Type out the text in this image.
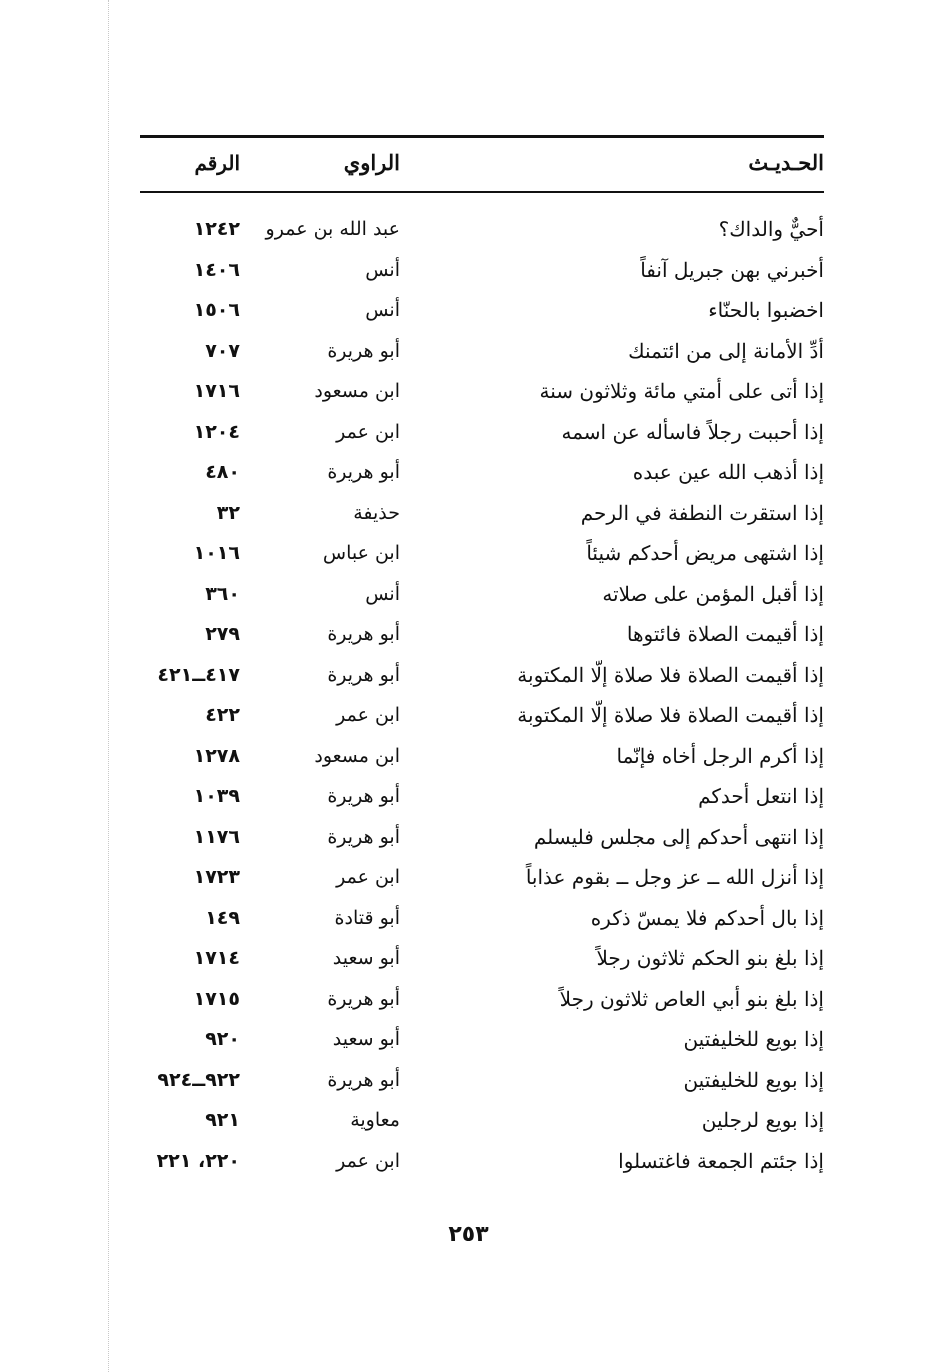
الحـديـث
الراوي
الرقم
أحيٌّ والداك؟
عبد الله بن عمرو
١٢٤٢
أخبرني بهن جبريل آنفاً
أنس
١٤٠٦
اخضبوا بالحنّاء
أنس
١٥٠٦
أدِّ الأمانة إلى من ائتمنك
أبو هريرة
٧٠٧
إذا أتى على أمتي مائة وثلاثون سنة
ابن مسعود
١٧١٦
إذا أحببت رجلاً فاسأله عن اسمه
ابن عمر
١٢٠٤
إذا أذهب الله عين عبده
أبو هريرة
٤٨٠
إذا استقرت النطفة في الرحم
حذيفة
٣٢
إذا اشتهى مريض أحدكم شيئاً
ابن عباس
١٠١٦
إذا أقبل المؤمن على صلاته
أنس
٣٦٠
إذا أقيمت الصلاة فائتوها
أبو هريرة
٢٧٩
إذا أقيمت الصلاة فلا صلاة إلّا المكتوبة
أبو هريرة
٤١٧ــ٤٢١
إذا أقيمت الصلاة فلا صلاة إلّا المكتوبة
ابن عمر
٤٢٢
إذا أكرم الرجل أخاه فإنّما
ابن مسعود
١٢٧٨
إذا انتعل أحدكم
أبو هريرة
١٠٣٩
إذا انتهى أحدكم إلى مجلس فليسلم
أبو هريرة
١١٧٦
إذا أنزل الله ــ عز وجل ــ بقوم عذاباً
ابن عمر
١٧٢٣
إذا بال أحدكم فلا يمسّ ذكره
أبو قتادة
١٤٩
إذا بلغ بنو الحكم ثلاثون رجلاً
أبو سعيد
١٧١٤
إذا بلغ بنو أبي العاص ثلاثون رجلاً
أبو هريرة
١٧١٥
إذا بويع للخليفتين
أبو سعيد
٩٢٠
إذا بويع للخليفتين
أبو هريرة
٩٢٢ــ٩٢٤
إذا بويع لرجلين
معاوية
٩٢١
إذا جئتم الجمعة فاغتسلوا
ابن عمر
٢٢٠، ٢٢١
٢٥٣
